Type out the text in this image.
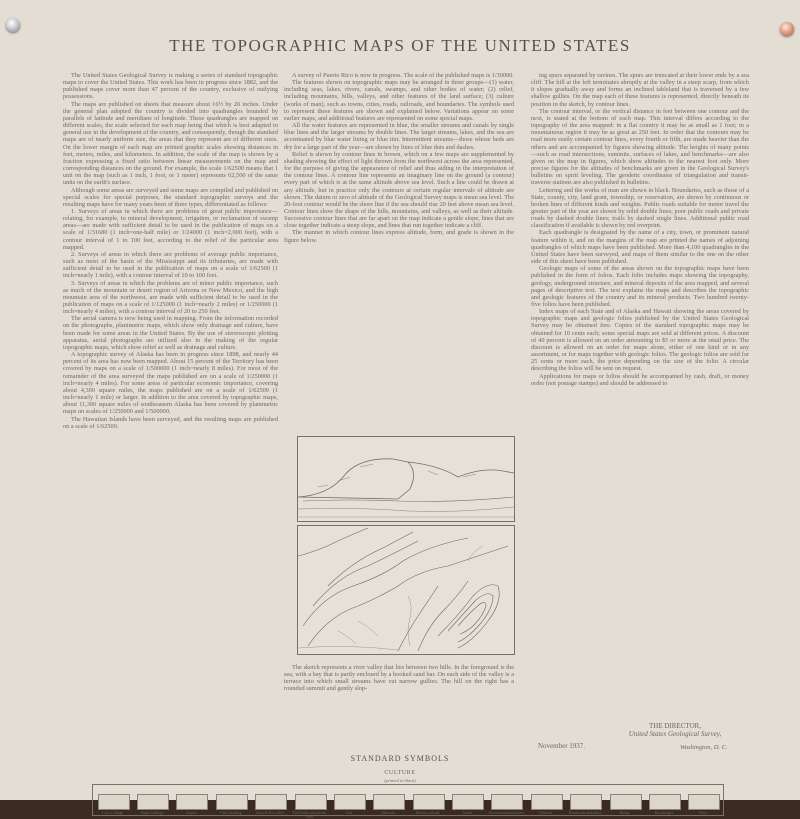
THE TOPOGRAPHIC MAPS OF THE UNITED STATES

The United States Geological Survey is making a series of standard topographic maps to cover the United States. This work has been in progress since 1882, and the published maps cover more than 47 percent of the country, exclusive of outlying possessions.

The maps are published on sheets that measure about 16½ by 20 inches. Under the general plan adopted the country is divided into quadrangles bounded by parallels of latitude and meridians of longitude. These quadrangles are mapped on different scales, the scale selected for each map being that which is best adapted to general use in the development of the country, and consequently, though the standard maps are of nearly uniform size, the areas that they represent are of different sizes. On the lower margin of each map are printed graphic scales showing distances in feet, meters, miles, and kilometers. In addition, the scale of the map is shown by a fraction expressing a fixed ratio between linear measurements on the map and corresponding distances on the ground. For example, the scale 1/62500 means that 1 unit on the map (such as 1 inch, 1 foot, or 1 meter) represents 62,500 of the same units on the earth's surface.

Although some areas are surveyed and some maps are compiled and published on special scales for special purposes, the standard topographic surveys and the resulting maps have for many years been of three types, differentiated as follows:

1. Surveys of areas in which there are problems of great public importance—relating, for example, to mineral development, irrigation, or reclamation of swamp areas—are made with sufficient detail to be used in the publication of maps on a scale of 1/31680 (1 inch=one-half mile) or 1/24000 (1 inch=2,000 feet), with a contour interval of 1 to 100 feet, according to the relief of the particular area mapped.

2. Surveys of areas in which there are problems of average public importance, such as most of the basin of the Mississippi and its tributaries, are made with sufficient detail to be used in the publication of maps on a scale of 1/62500 (1 inch=nearly 1 mile), with a contour interval of 10 to 100 feet.

3. Surveys of areas in which the problems are of minor public importance, such as much of the mountain or desert region of Arizona or New Mexico, and the high mountain area of the northwest, are made with sufficient detail to be used in the publication of maps on a scale of 1/125000 (1 inch=nearly 2 miles) or 1/250000 (1 inch=nearly 4 miles), with a contour interval of 20 to 250 feet.

The aerial camera is now being used in mapping. From the information recorded on the photographs, planimetric maps, which show only drainage and culture, have been made for some areas in the United States. By the use of stereoscopic plotting apparatus, aerial photographs are utilized also in the making of the regular topographic maps, which show relief as well as drainage and culture.

A topographic survey of Alaska has been in progress since 1898, and nearly 44 percent of its area has now been mapped. About 15 percent of the Territory has been covered by maps on a scale of 1/500000 (1 inch=nearly 8 miles). For most of the remainder of the area surveyed the maps published are on a scale of 1/250000 (1 inch=nearly 4 miles). For some areas of particular economic importance, covering about 4,300 square miles, the maps published are on a scale of 1/62500 (1 inch=nearly 1 mile) or larger. In addition to the area covered by topographic maps, about 11,300 square miles of southeastern Alaska has been covered by planimetric maps on scales of 1/250000 and 1/500000.

The Hawaiian Islands have been surveyed, and the resulting maps are published on a scale of 1/62500.

A survey of Puerto Rico is now in progress. The scale of the published maps is 1/30000.

The features shown on topographic maps may be arranged in three groups—(1) water, including seas, lakes, rivers, canals, swamps, and other bodies of water; (2) relief, including mountains, hills, valleys, and other features of the land surface; (3) culture (works of man), such as towns, cities, roads, railroads, and boundaries. The symbols used to represent these features are shown and explained below. Variations appear on some earlier maps, and additional features are represented on some special maps.

All the water features are represented in blue, the smaller streams and canals by single blue lines and the larger streams by double lines. The larger streams, lakes, and the sea are accentuated by blue water lining or blue tint. Intermittent streams—those whose beds are dry for a large part of the year—are shown by lines of blue dots and dashes.

Relief is shown by contour lines in brown, which on a few maps are supplemented by shading showing the effect of light thrown from the northwest across the area represented, for the purpose of giving the appearance of relief and thus aiding in the interpretation of the contour lines. A contour line represents an imaginary line on the ground (a contour) every part of which is at the same altitude above sea level. Such a line could be drawn at any altitude, but in practice only the contours at certain regular intervals of altitude are shown. The datum or zero of altitude of the Geological Survey maps is mean sea level. The 20-foot contour would be the shore line if the sea should rise 20 feet above mean sea level. Contour lines show the shape of the hills, mountains, and valleys, as well as their altitude. Successive contour lines that are far apart on the map indicate a gentle slope, lines that are close together indicate a steep slope, and lines that run together indicate a cliff.

The manner in which contour lines express altitude, form, and grade is shown in the figure below.

The sketch represents a river valley that lies between two hills. In the foreground is the sea, with a bay that is partly enclosed by a hooked sand bar. On each side of the valley is a terrace into which small streams have cut narrow gullies. The hill on the right has a rounded summit and gently slop-

ing spurs separated by ravines. The spurs are truncated at their lower ends by a sea cliff. The hill at the left terminates abruptly at the valley in a steep scarp, from which it slopes gradually away and forms an inclined tableland that is traversed by a few shallow gullies. On the map each of these features is represented, directly beneath its position in the sketch, by contour lines.

The contour interval, or the vertical distance in feet between one contour and the next, is stated at the bottom of each map. This interval differs according to the topography of the area mapped: in a flat country it may be as small as 1 foot; in a mountainous region it may be as great as 250 feet. In order that the contours may be read more easily certain contour lines, every fourth or fifth, are made heavier than the others and are accompanied by figures showing altitude. The heights of many points—such as road intersections, summits, surfaces of lakes, and benchmarks—are also given on the map in figures, which show altitudes to the nearest foot only. More precise figures for the altitudes of benchmarks are given in the Geological Survey's bulletins on spirit leveling. The geodetic coordinates of triangulation and transit-traverse stations are also published in bulletins.

Lettering and the works of man are shown in black. Boundaries, such as those of a State, county, city, land grant, township, or reservation, are shown by continuous or broken lines of different kinds and weights. Public roads suitable for motor travel the greater part of the year are shown by solid double lines; poor public roads and private roads by dashed double lines; trails by dashed single lines. Additional public road classification if available is shown by red overprint.

Each quadrangle is designated by the name of a city, town, or prominent natural feature within it, and on the margins of the map are printed the names of adjoining quadrangles of which maps have been published. More than 4,100 quadrangles in the United States have been surveyed, and maps of them similar to the one on the other side of this sheet have been published.

Geologic maps of some of the areas shown on the topographic maps have been published in the form of folios. Each folio includes maps showing the topography, geology, underground structure, and mineral deposits of the area mapped, and several pages of descriptive text. The text explains the maps and describes the topographic and geologic features of the country and its mineral products. Two hundred twenty-five folios have been published.

Index maps of each State and of Alaska and Hawaii showing the areas covered by topographic maps and geologic folios published by the United States Geological Survey may be obtained free. Copies of the standard topographic maps may be obtained for 10 cents each; some special maps are sold at different prices. A discount of 40 percent is allowed on an order amounting to $5 or more at the retail price. The discount is allowed on an order for maps alone, either of one kind or in any assortment, or for maps together with geologic folios. The geologic folios are sold for 25 cents or more each, the price depending on the size of the folio. A circular describing the folios will be sent on request.

Applications for maps or folios should be accompanied by cash, draft, or money order (not postage stamps) and should be addressed to

THE DIRECTOR,
United States Geological Survey,
November 1937.	Washington, D. C.
STANDARD SYMBOLS
CULTURE
(printed in black)
City or village	Small buildings	Station	Chief dwelling	Store & Post-office	Post Public and private road
Trail	Railroads	Electric railroad	Tunnel	Power transmission line	Wharves	Breakwater and jetties	Bridge	Drawbridges	Ferry
